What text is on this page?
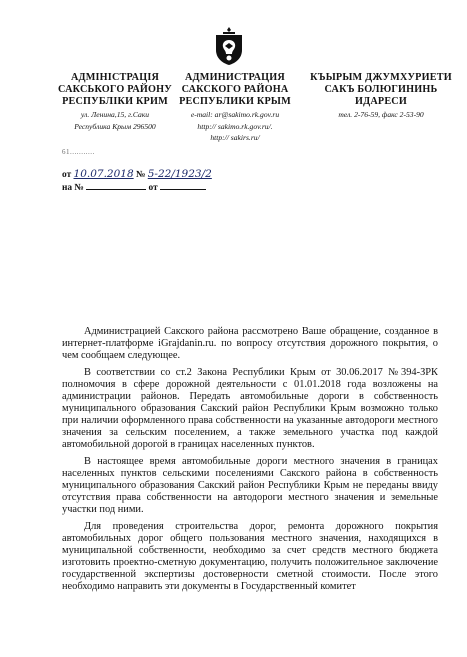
АДМІНІСТРАЦІЯ
САКСЬКОГО РАЙОНУ
РЕСПУБЛІКИ КРИМ
ул. Ленина,15, г.Саки
Республика Крым 296500
АДМИНИСТРАЦИЯ
САКСКОГО РАЙОНА
РЕСПУБЛИКИ КРЫМ
e-mail: ar@sakimo.rk.gov.ru
http:// sakimo.rk.gov.ru/.
http:// sakirs.ru/
КЪЫРЫМ ДЖУМХУРИЕТИ
САКЪ БОЛЮГИНИНЬ
ИДАРЕСИ
тел. 2-76-59, факс 2-53-90
61...........
от 10.07.2018 № 5-22/1923/2
на №	от

Администрацией Сакского района рассмотрено Ваше обращение, созданное в интернет-платформе iGrajdanin.ru. по вопросу отсутствия дорожного покрытия, о чем сообщаем следующее.

В соответствии со ст.2 Закона Республики Крым от 30.06.2017 №394-ЗРК полномочия в сфере дорожной деятельности с 01.01.2018 года возложены на администрации районов. Передать автомобильные дороги в собственность муниципального образования Сакский район Республики Крым возможно только при наличии оформленного права собственности на указанные автодороги местного значения за сельским поселением, а также земельного участка под каждой автомобильной дорогой в границах населенных пунктов.

В настоящее время автомобильные дороги местного значения в границах населенных пунктов сельскими поселениями Сакского района в собственность муниципального образования Сакский район Республики Крым не переданы ввиду отсутствия права собственности на автодороги местного значения и земельные участки под ними.

Для проведения строительства дорог, ремонта дорожного покрытия автомобильных дорог общего пользования местного значения, находящихся в муниципальной собственности, необходимо за счет средств местного бюджета изготовить проектно-сметную документацию, получить положительное заключение государственной экспертизы достоверности сметной стоимости. После этого необходимо направить эти документы в Государственный комитет
